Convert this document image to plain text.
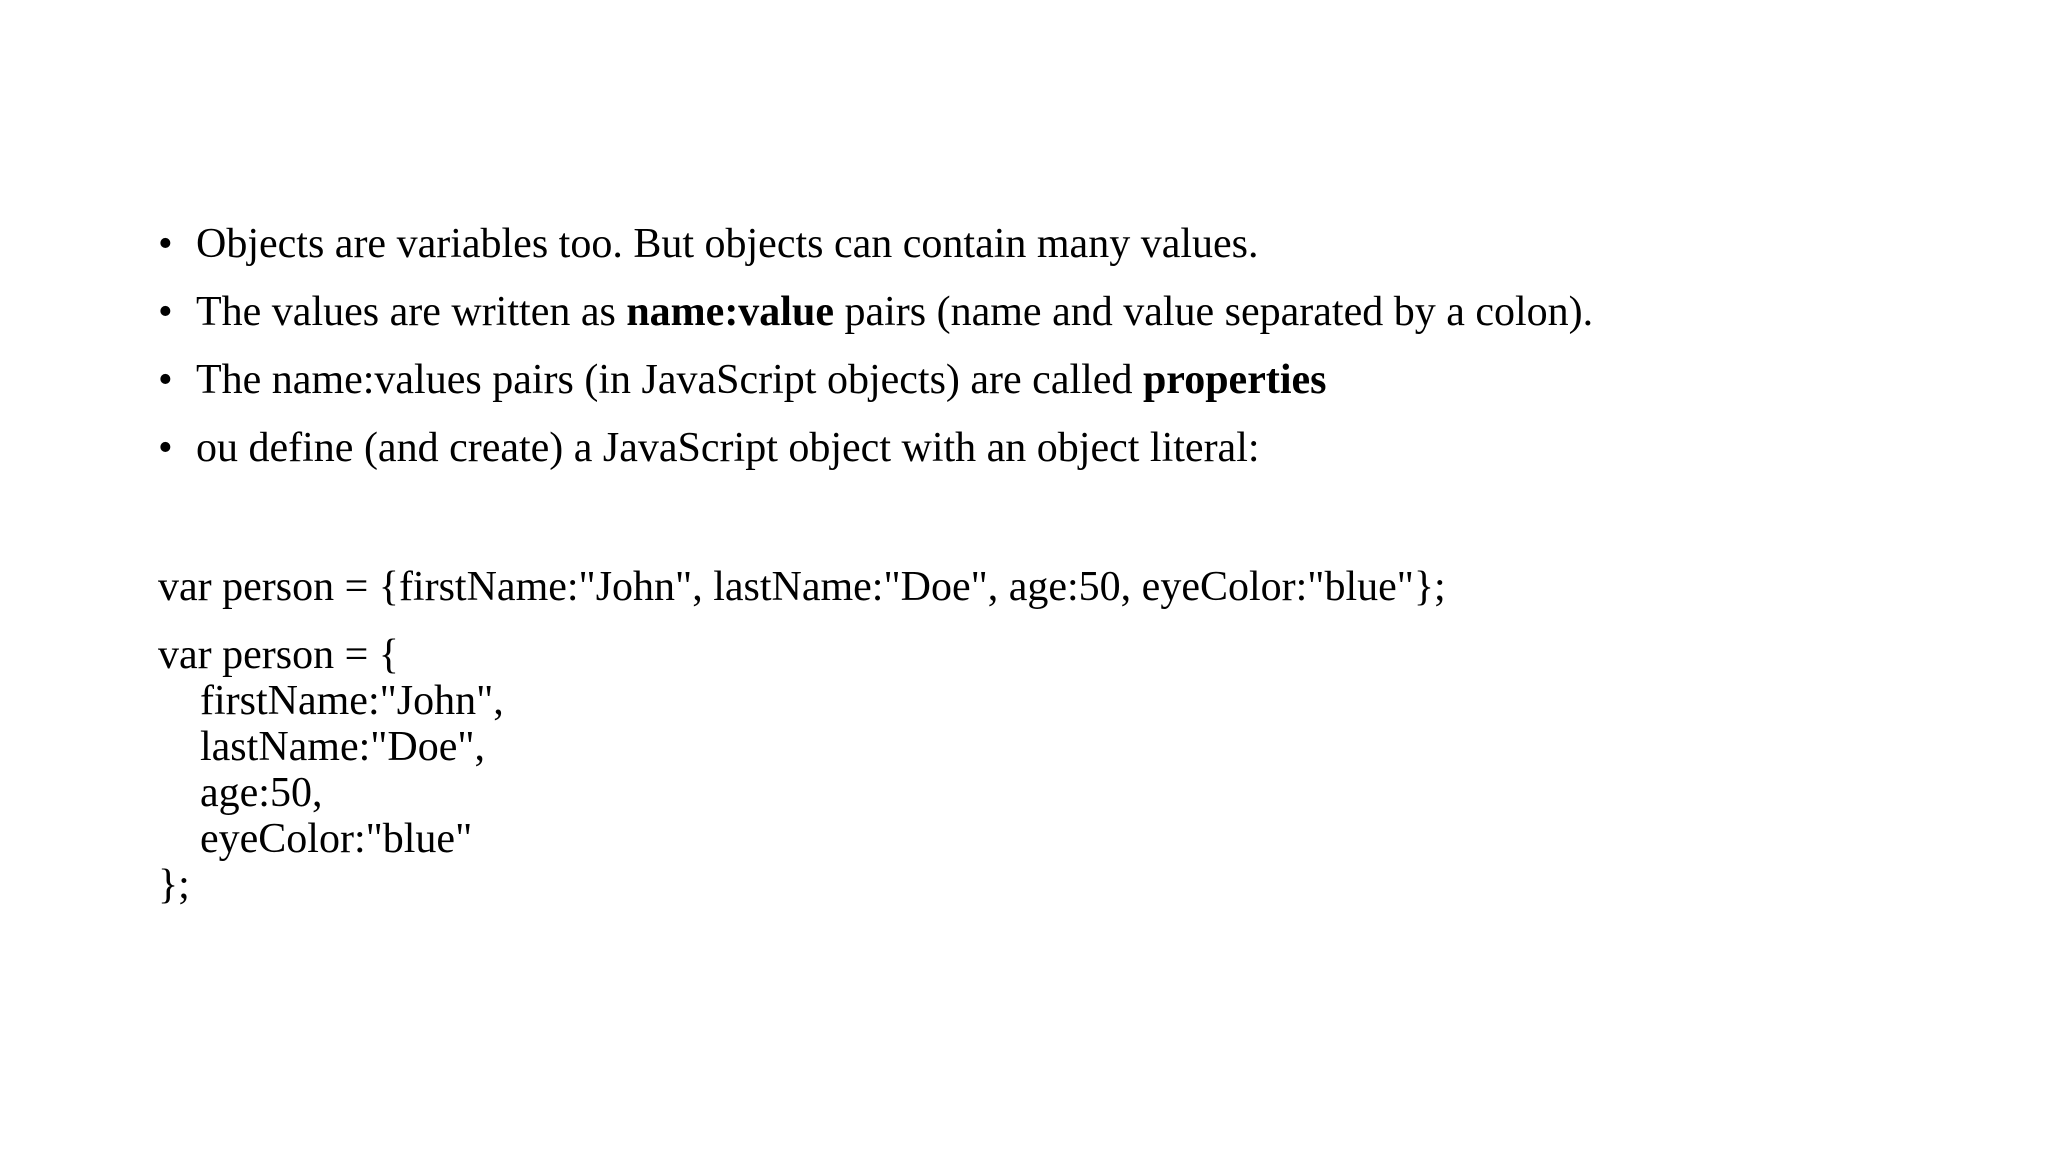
• Objects are variables too. But objects can contain many values.
• The values are written as name:value pairs (name and value separated by a colon).
• The name:values pairs (in JavaScript objects) are called properties
• ou define (and create) a JavaScript object with an object literal:

var person = {firstName:"John", lastName:"Doe", age:50, eyeColor:"blue"};

var person = {
firstName:"John",
lastName:"Doe",
age:50,
eyeColor:"blue"
};
